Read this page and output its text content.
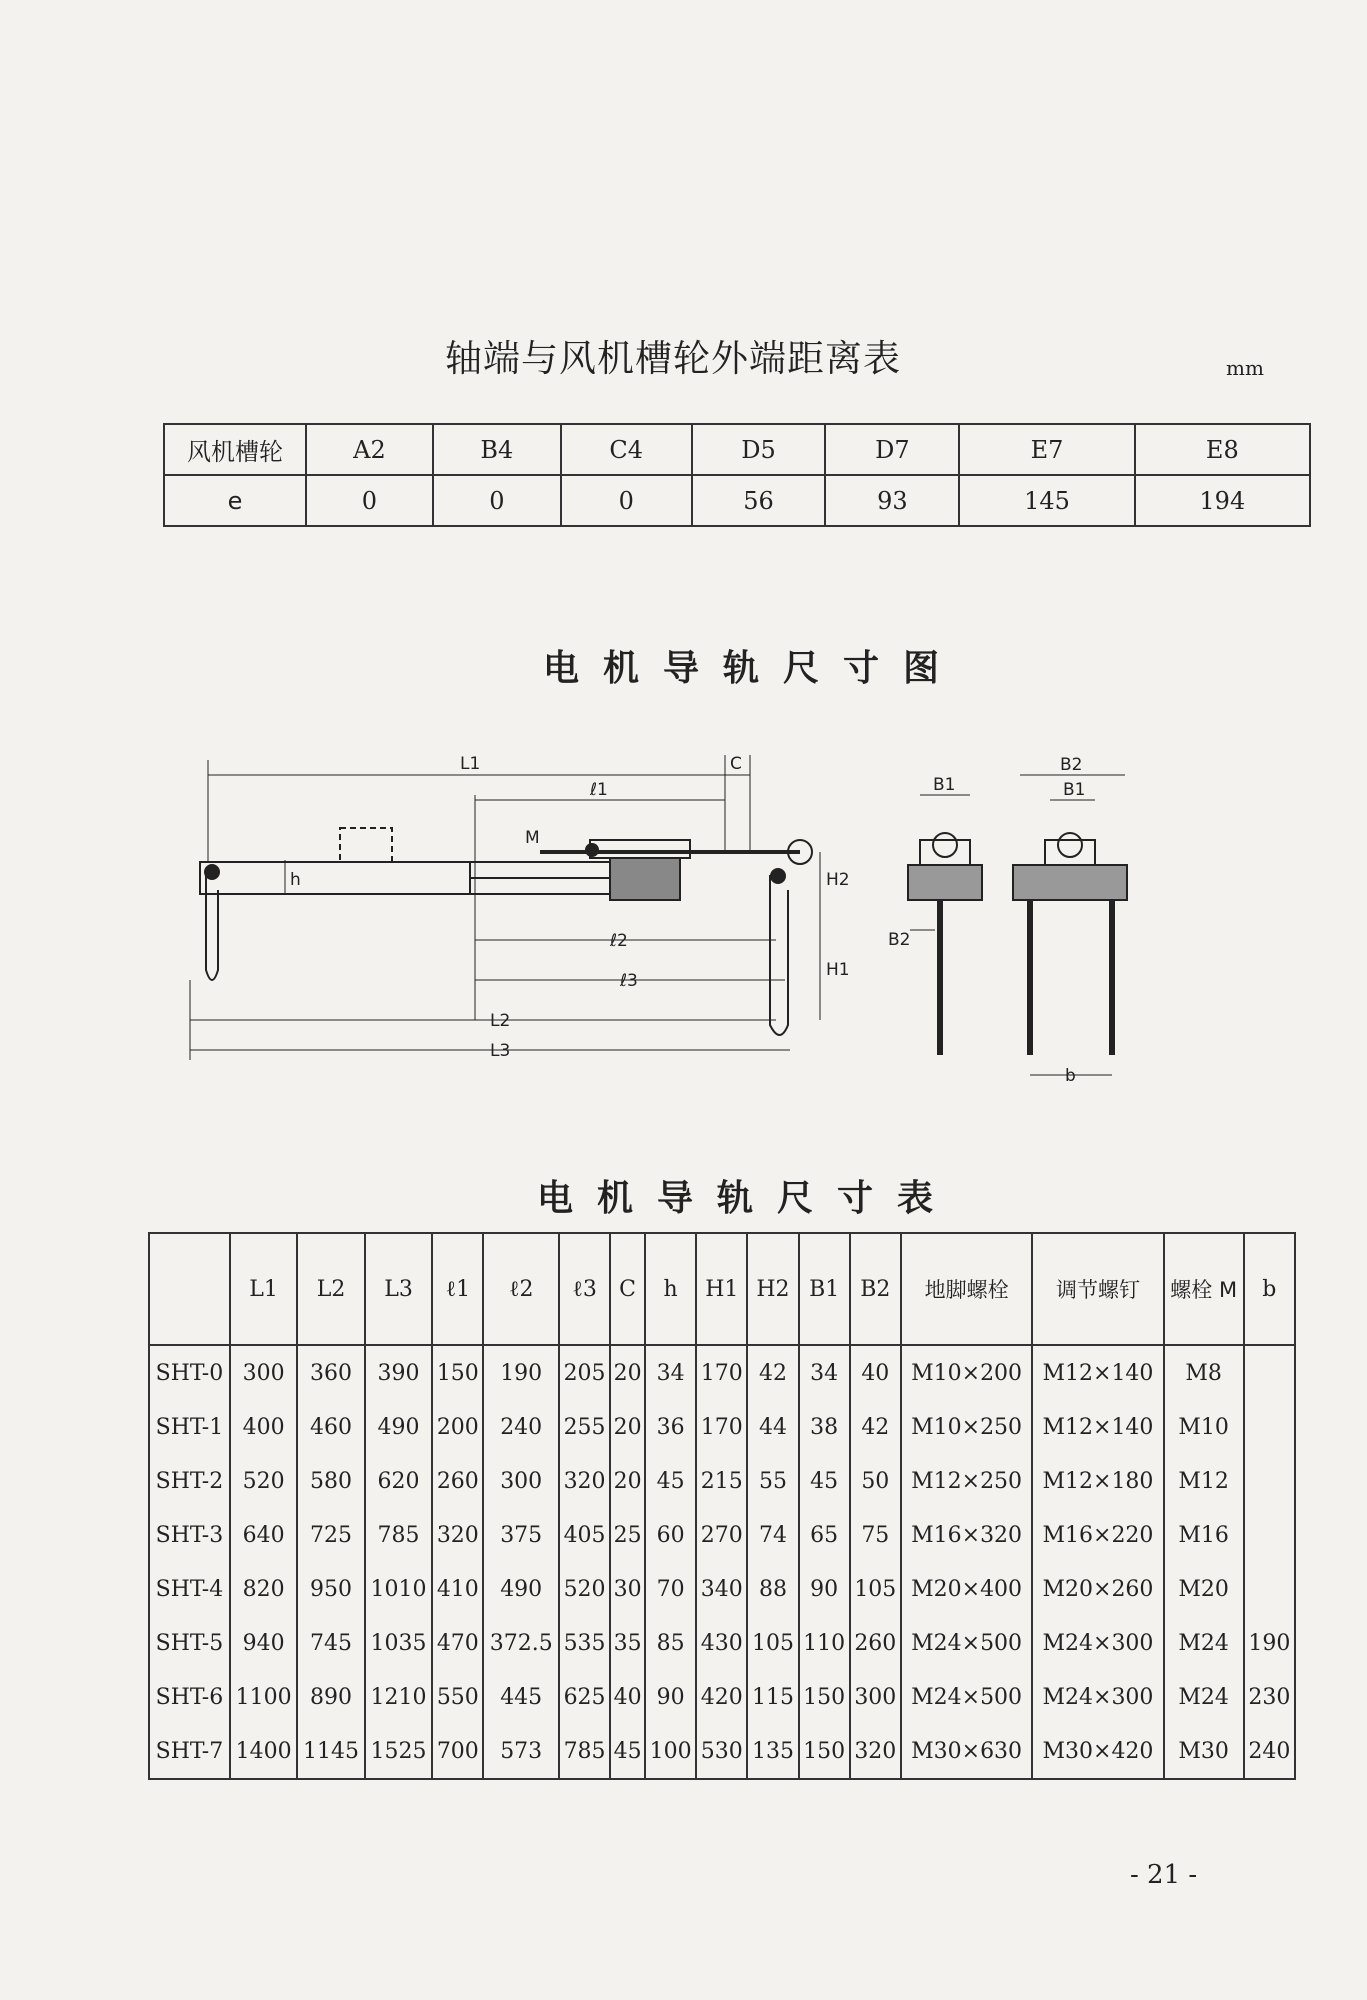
轴端与风机槽轮外端距离表	mm
风机槽轮	A2	B4	C4	D5	D7	E7	E8
e	0	0	0	56	93	145	194
电机导轨尺寸图
L1	C
ℓ1
M
h	H2
H1
ℓ2
ℓ3
L2
L3
B1
B2
B2
B1
b
电机导轨尺寸表
	L1	L2	L3	ℓ1	ℓ2	ℓ3	C	h	H1	H2	B1	B2	地脚螺栓	调节螺钉	螺栓 M	b
SHT-0	300	360	390	150	190	205	20	34	170	42	34	40	M10×200	M12×140	M8	
SHT-1	400	460	490	200	240	255	20	36	170	44	38	42	M10×250	M12×140	M10	
SHT-2	520	580	620	260	300	320	20	45	215	55	45	50	M12×250	M12×180	M12	
SHT-3	640	725	785	320	375	405	25	60	270	74	65	75	M16×320	M16×220	M16	
SHT-4	820	950	1010	410	490	520	30	70	340	88	90	105	M20×400	M20×260	M20	
SHT-5	940	745	1035	470	372.5	535	35	85	430	105	110	260	M24×500	M24×300	M24	190
SHT-6	1100	890	1210	550	445	625	40	90	420	115	150	300	M24×500	M24×300	M24	230
SHT-7	1400	1145	1525	700	573	785	45	100	530	135	150	320	M30×630	M30×420	M30	240
- 21 -
